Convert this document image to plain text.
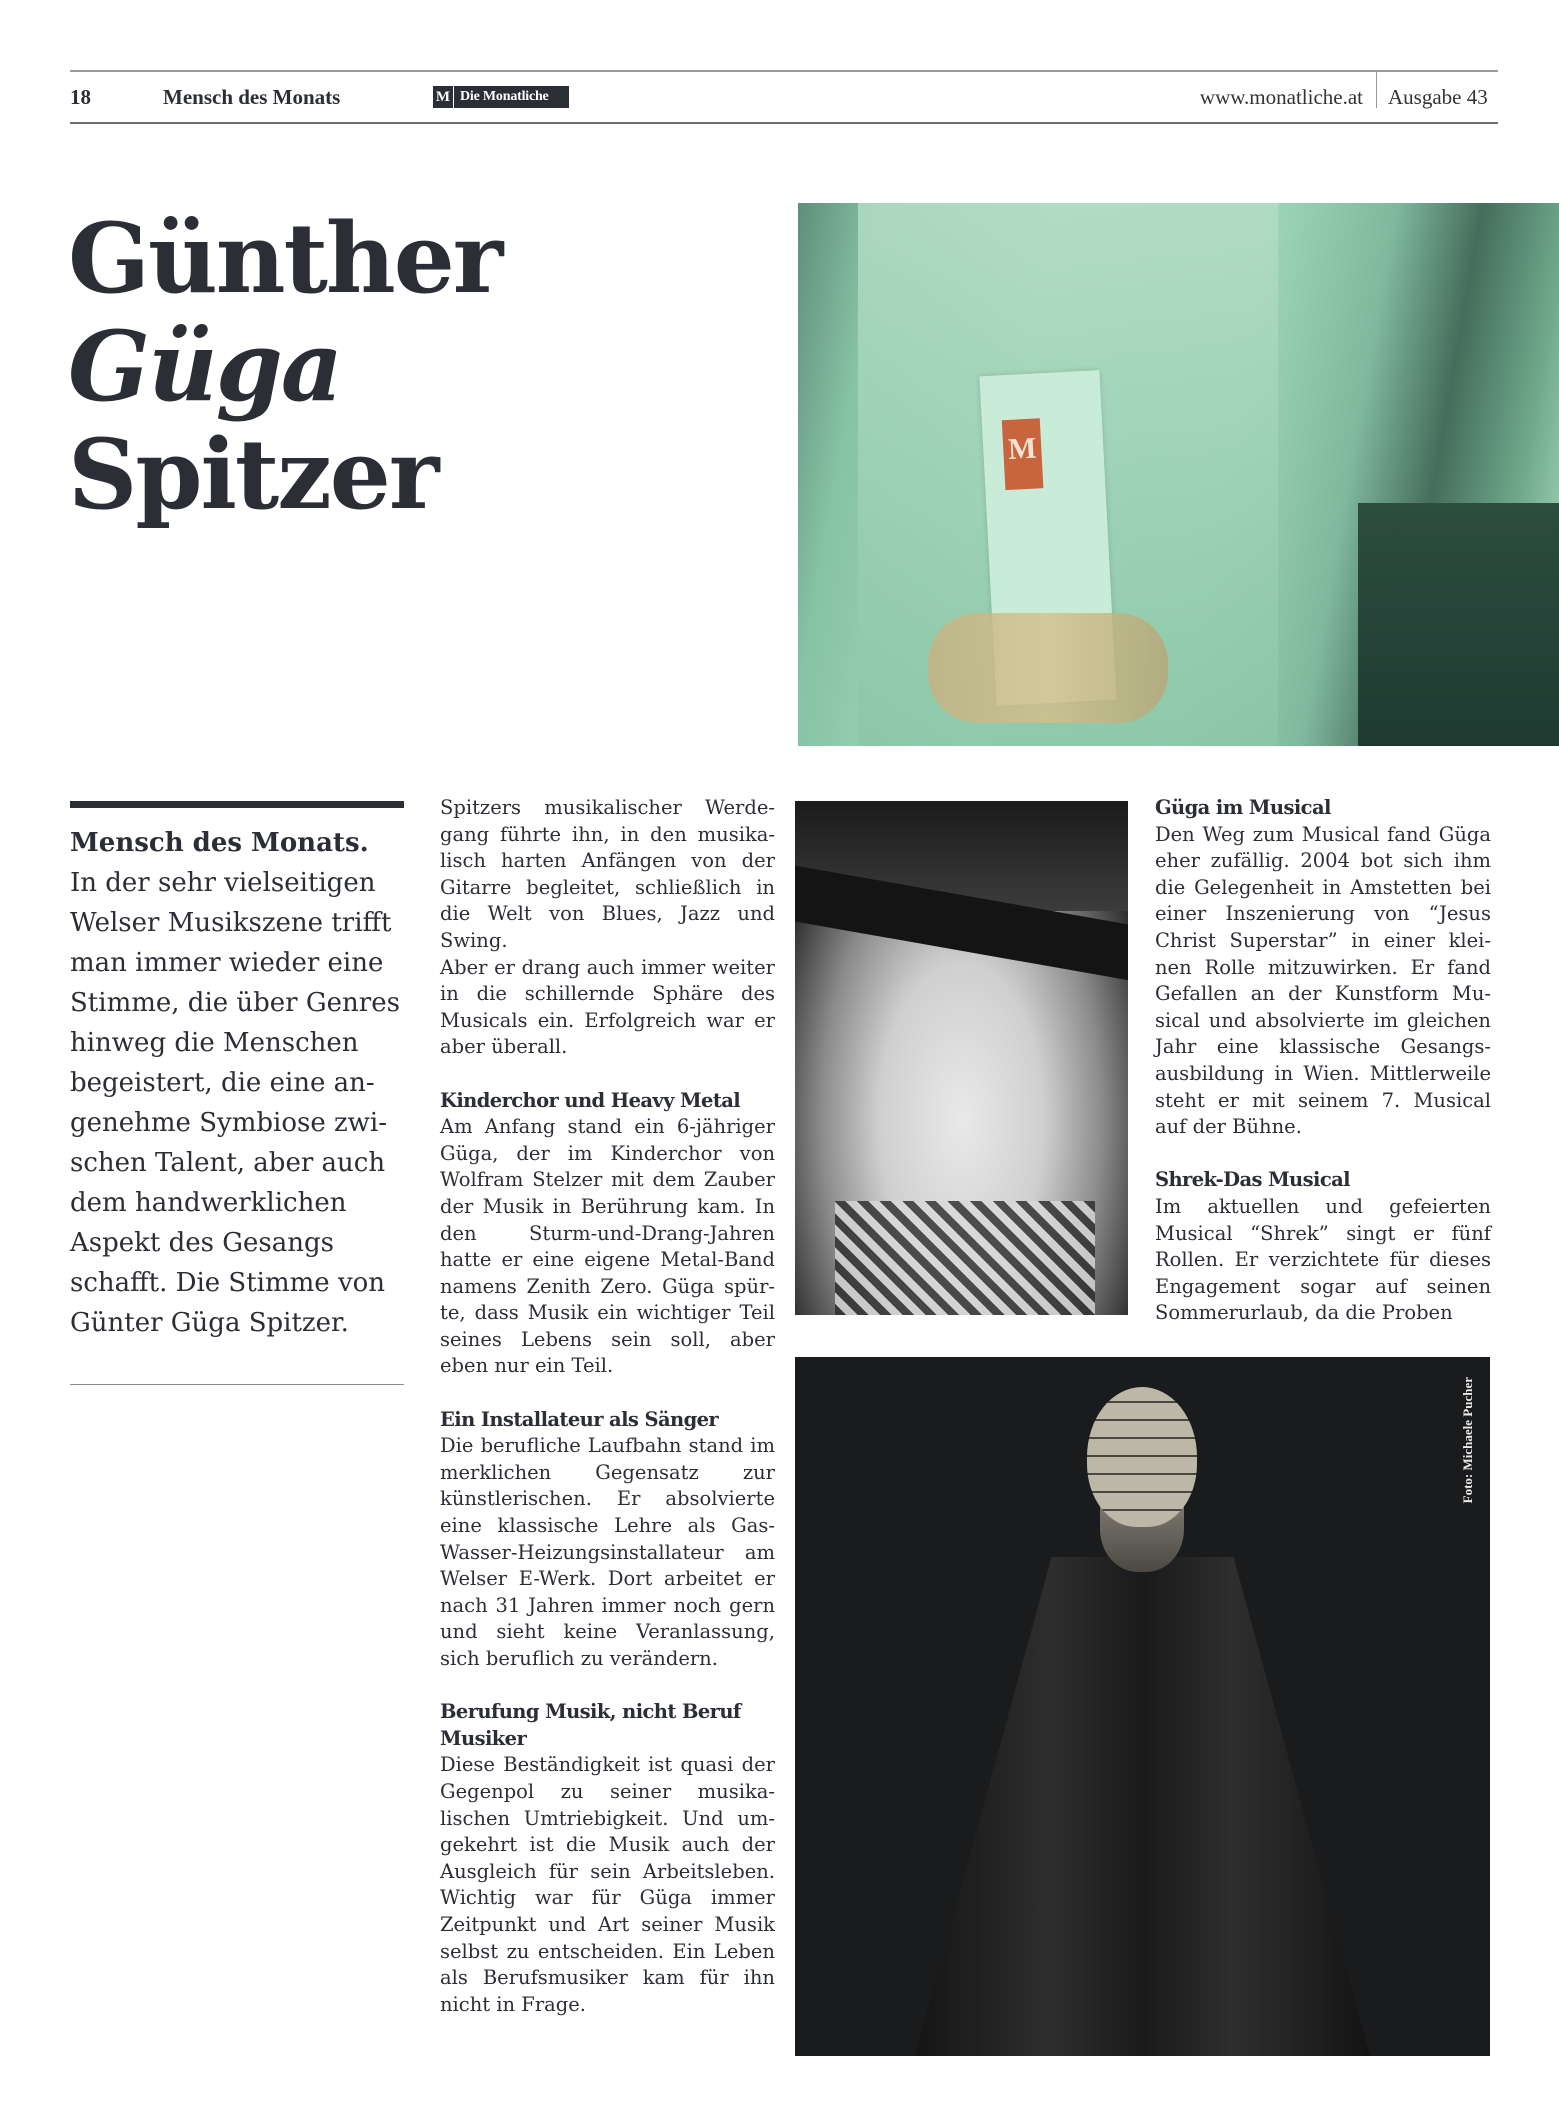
18	Mensch des Monats	M Die Monatliche	www.monatliche.at Ausgabe 43
Günther
Güga
Spitzer	M
Mensch des Monats.
In der sehr vielseitigen Welser Musikszene trifft man immer wieder eine Stimme, die über Genres hinweg die Menschen begeistert, die eine angenehme Symbiose zwischen Talent, aber auch dem handwerklichen Aspekt des Gesangs schafft. Die Stimme von Günter Güga Spitzer.

Spitzers musikalischer Werdegang führte ihn, in den musikalisch harten Anfängen von der Gitarre begleitet, schließlich in die Welt von Blues, Jazz und Swing.

Aber er drang auch immer weiter in die schillernde Sphäre des Musicals ein. Erfolgreich war er aber überall.

Kinderchor und Heavy Metal

Am Anfang stand ein 6-jähriger Güga, der im Kinderchor von Wolfram Stelzer mit dem Zauber der Musik in Berührung kam. In den Sturm-und-Drang-Jahren hatte er eine eigene Metal-Band namens Zenith Zero. Güga spürte, dass Musik ein wichtiger Teil seines Lebens sein soll, aber eben nur ein Teil.

Ein Installateur als Sänger

Die berufliche Laufbahn stand im merklichen Gegensatz zur künstlerischen. Er absolvierte eine klassische Lehre als Gas-Wasser-Heizungsinstallateur am Welser E-Werk. Dort arbeitet er nach 31 Jahren immer noch gern und sieht keine Veranlassung, sich beruflich zu verändern.

Berufung Musik, nicht Beruf Musiker

Diese Beständigkeit ist quasi der Gegenpol zu seiner musikalischen Umtriebigkeit. Und umgekehrt ist die Musik auch der Ausgleich für sein Arbeitsleben. Wichtig war für Güga immer Zeitpunkt und Art seiner Musik selbst zu entscheiden. Ein Leben als Berufsmusiker kam für ihn nicht in Frage.

Güga im Musical

Den Weg zum Musical fand Güga eher zufällig. 2004 bot sich ihm die Gelegenheit in Amstetten bei einer Inszenierung von “Jesus Christ Superstar” in einer kleinen Rolle mitzuwirken. Er fand Gefallen an der Kunstform Musical und absolvierte im gleichen Jahr eine klassische Gesangsausbildung in Wien. Mittlerweile steht er mit seinem 7. Musical auf der Bühne.

Shrek-Das Musical

Im aktuellen und gefeierten Musical “Shrek” singt er fünf Rollen. Er verzichtete für dieses Engagement sogar auf seinen Sommerurlaub, da die Proben

Foto: Michaele Pucher
